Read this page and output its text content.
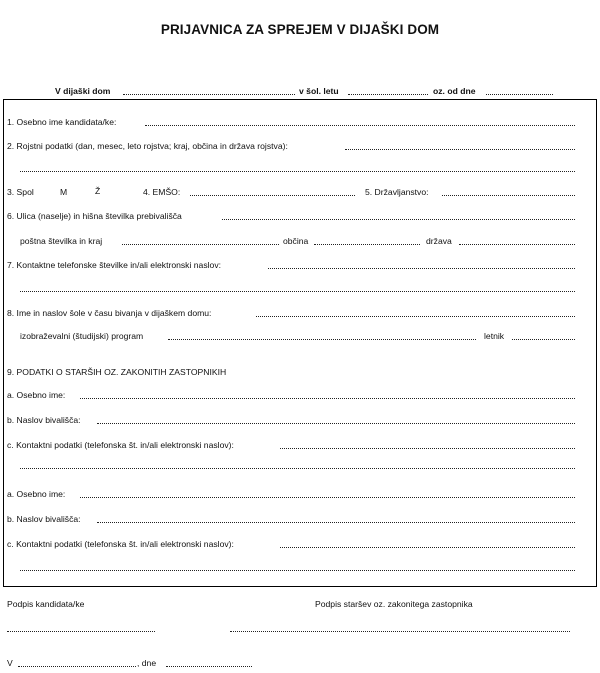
PRIJAVNICA ZA SPREJEM V DIJAŠKI DOM
V dijaški dom	v šol. letu	oz. od dne
1. Osebno ime kandidata/ke:
2. Rojstni podatki (dan, mesec, leto rojstva; kraj, občina in država rojstva):
3. Spol	M	Ž	4. EMŠO:	5. Državljanstvo:
6. Ulica (naselje) in hišna številka prebivališča
poštna številka in kraj	občina	država
7. Kontaktne telefonske številke in/ali elektronski naslov:
8. Ime in naslov šole v času bivanja v dijaškem domu:
izobraževalni (študijski) program	letnik
9. PODATKI O STARŠIH OZ. ZAKONITIH ZASTOPNIKIH
a. Osebno ime:
b. Naslov bivališča:
c. Kontaktni podatki (telefonska št. in/ali elektronski naslov):
a. Osebno ime:
b. Naslov bivališča:
c. Kontaktni podatki (telefonska št. in/ali elektronski naslov):
Podpis kandidata/ke	Podpis staršev oz. zakonitega zastopnika
V	, dne
